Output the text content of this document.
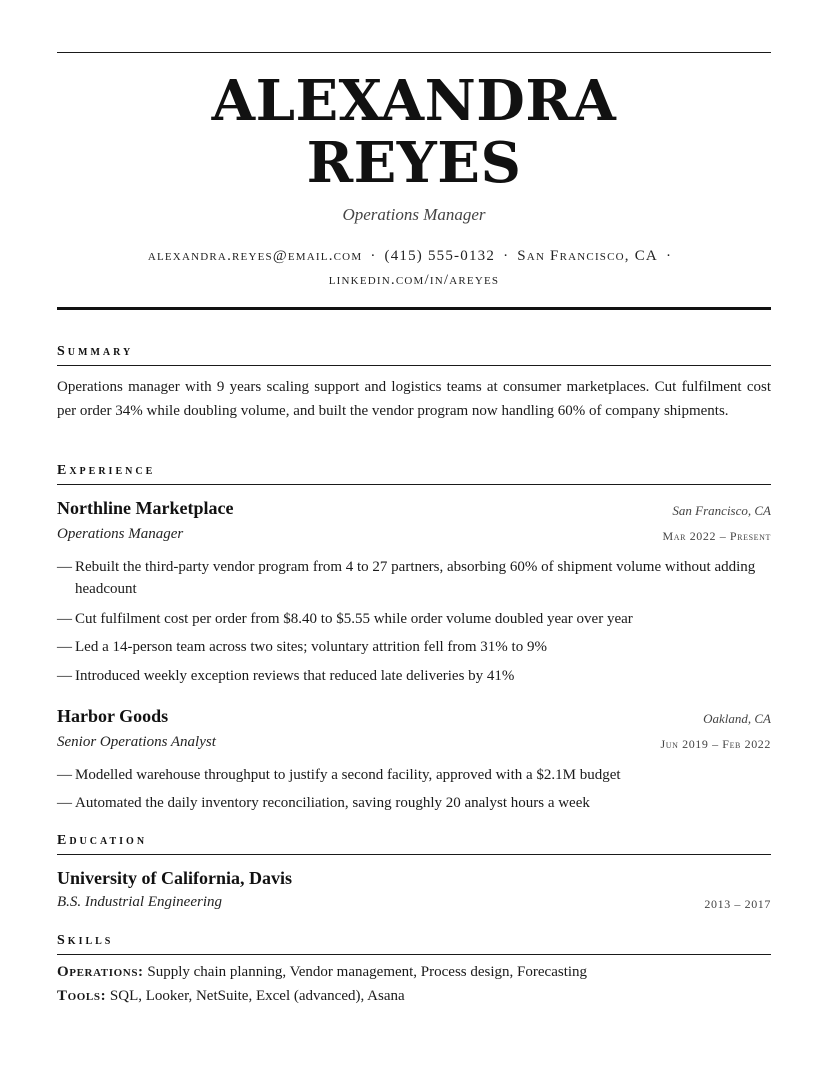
ALEXANDRA
REYES
Operations Manager
alexandra.reyes@email.com · (415) 555-0132 · San Francisco, CA ·
linkedin.com/in/areyes
Summary
Operations manager with 9 years scaling support and logistics teams at consumer marketplaces. Cut fulfilment cost per order 34% while doubling volume, and built the vendor program now handling 60% of company shipments.
Experience
Northline Marketplace	San Francisco, CA
Operations Manager	Mar 2022 – Present
— Rebuilt the third-party vendor program from 4 to 27 partners, absorbing 60% of shipment volume without adding headcount
— Cut fulfilment cost per order from $8.40 to $5.55 while order volume doubled year over year
— Led a 14-person team across two sites; voluntary attrition fell from 31% to 9%
— Introduced weekly exception reviews that reduced late deliveries by 41%
Harbor Goods	Oakland, CA
Senior Operations Analyst	Jun 2019 – Feb 2022
— Modelled warehouse throughput to justify a second facility, approved with a $2.1M budget
— Automated the daily inventory reconciliation, saving roughly 20 analyst hours a week
Education
University of California, Davis
B.S. Industrial Engineering	2013 – 2017
Skills
Operations: Supply chain planning, Vendor management, Process design, Forecasting
Tools: SQL, Looker, NetSuite, Excel (advanced), Asana
